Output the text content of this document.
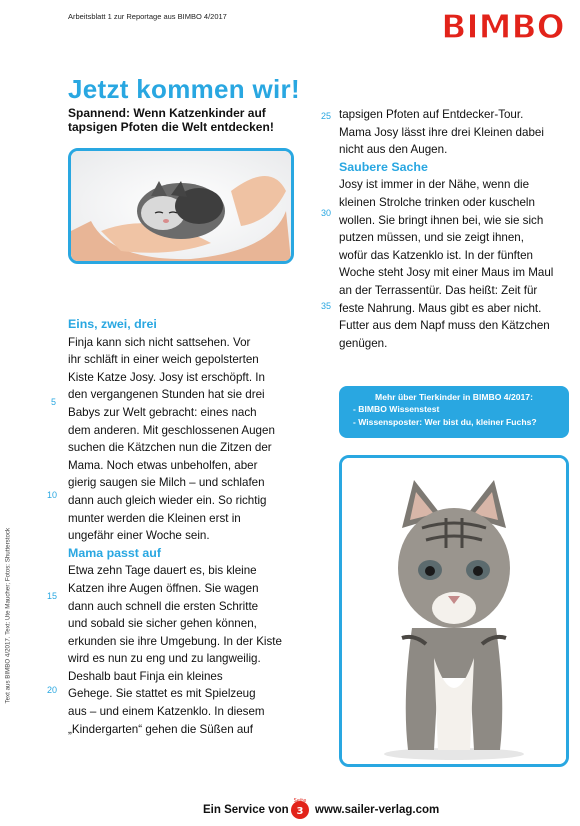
Arbeitsblatt 1 zur Reportage aus BIMBO 4/2017	BIMBO
Jetzt kommen wir!
Spannend: Wenn Katzenkinder auf tapsigen Pfoten die Welt entdecken!
Eins, zwei, drei
Finja kann sich nicht sattsehen. Vor
ihr schläft in einer weich gepolsterten
Kiste Katze Josy. Josy ist erschöpft. In
den vergangenen Stunden hat sie drei
Babys zur Welt gebracht: eines nach
dem anderen. Mit geschlossenen Augen
suchen die Kätzchen nun die Zitzen der
Mama. Noch etwas unbeholfen, aber
gierig saugen sie Milch – und schlafen
dann auch gleich wieder ein. So richtig
munter werden die Kleinen erst in
ungefähr einer Woche sein.
Mama passt auf
Etwa zehn Tage dauert es, bis kleine
Katzen ihre Augen öffnen. Sie wagen
dann auch schnell die ersten Schritte
und sobald sie sicher gehen können,
erkunden sie ihre Umgebung. In der Kiste
wird es nun zu eng und zu langweilig.
Deshalb baut Finja ein kleines
Gehege. Sie stattet es mit Spielzeug
aus – und einem Katzenklo. In diesem
„Kindergarten“ gehen die Süßen auf
tapsigen Pfoten auf Entdecker-Tour.
Mama Josy lässt ihre drei Kleinen dabei
nicht aus den Augen.
Saubere Sache
Josy ist immer in der Nähe, wenn die
kleinen Strolche trinken oder kuscheln
wollen. Sie bringt ihnen bei, wie sie sich
putzen müssen, und sie zeigt ihnen,
wofür das Katzenklo ist. In der fünften
Woche steht Josy mit einer Maus im Maul
an der Terrassentür. Das heißt: Zeit für
feste Nahrung. Maus gibt es aber nicht.
Futter aus dem Napf muss den Kätzchen
genügen.
5
10
15
20
25
30
35
Mehr über Tierkinder in BIMBO 4/2017:
- BIMBO Wissenstest
- Wissensposter: Wer bist du, kleiner Fuchs?
Text aus BIMBO 4/2017. Text: Ute Maucher; Fotos: Shutterstock
Ein Service von
Seite
3 www.sailer-verlag.com
